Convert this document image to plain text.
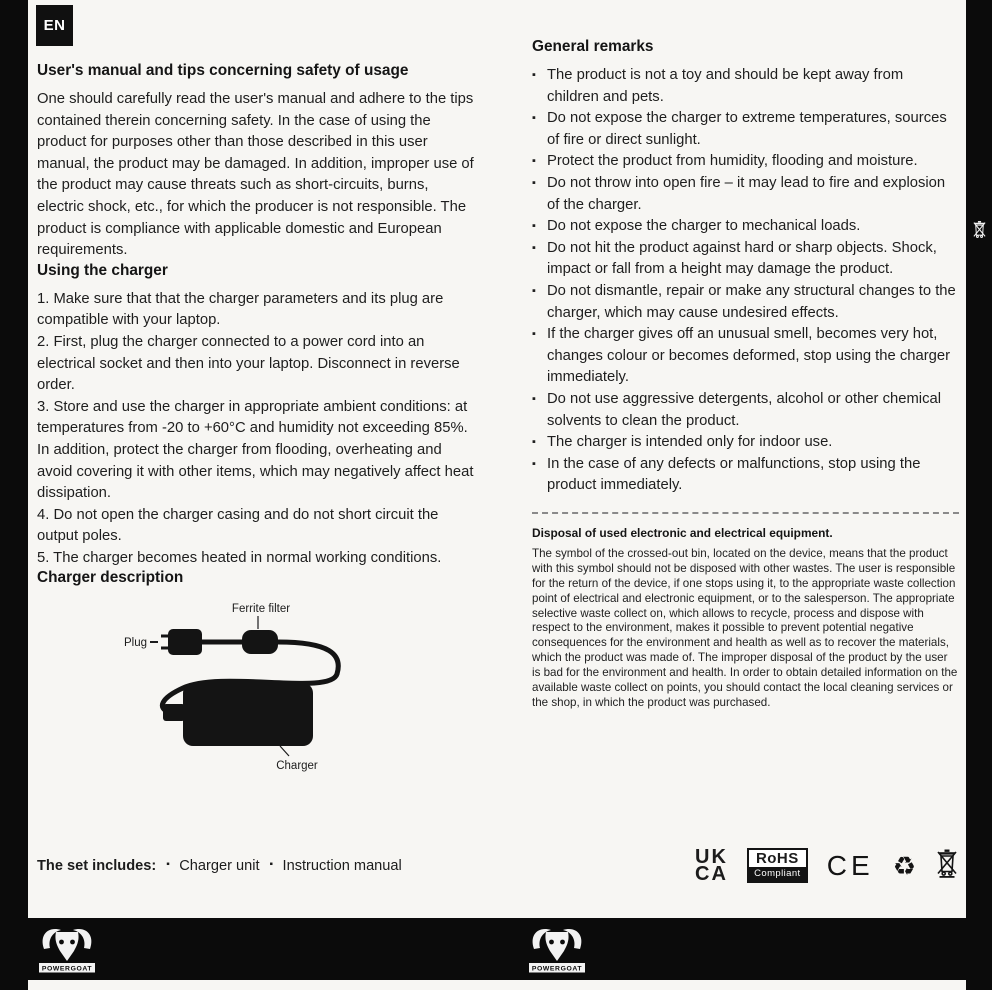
EN
User's manual and tips concerning safety of usage

One should carefully read the user's manual and adhere to the tips contained therein concerning safety. In the case of using the product for purposes other than those described in this user manual, the product may be damaged. In addition, improper use of the product may cause threats such as short-circuits, burns, electric shock, etc., for which the producer is not responsible. The product is compliance with applicable domestic and European requirements.

Using the charger

1. Make sure that that the charger parameters and its plug are compatible with your laptop.

2. First, plug the charger connected to a power cord into an electrical socket and then into your laptop. Disconnect in reverse order.

3. Store and use the charger in appropriate ambient conditions: at temperatures from -20 to +60°C and humidity not exceeding 85%. In addition, protect the charger from flooding, overheating and avoid covering it with other items, which may negatively affect heat dissipation.

4. Do not open the charger casing and do not short circuit the output poles.

5. The charger becomes heated in normal working conditions.

Charger description
Ferrite filter
Plug
Charger
The set includes: ▪ Charger unit ▪ Instruction manual
General remarks
▪ The product is not a toy and should be kept away from children and pets.
▪ Do not expose the charger to extreme temperatures, sources of fire or direct sunlight.
▪ Protect the product from humidity, flooding and moisture.
▪ Do not throw into open fire – it may lead to fire and explosion of the charger.
▪ Do not expose the charger to mechanical loads.
▪ Do not hit the product against hard or sharp objects. Shock, impact or fall from a height may damage the product.
▪ Do not dismantle, repair or make any structural changes to the charger, which may cause undesired effects.
▪ If the charger gives off an unusual smell, becomes very hot, changes colour or becomes deformed, stop using the charger immediately.
▪ Do not use aggressive detergents, alcohol or other chemical solvents to clean the product.
▪ The charger is intended only for indoor use.
▪ In the case of any defects or malfunctions, stop using the product immediately.
Disposal of used electronic and electrical equipment.

The symbol of the crossed-out bin, located on the device, means that the product with this symbol should not be disposed with other wastes. The user is responsible for the return of the device, if one stops using it, to the appropriate waste collection point of electrical and electronic equipment, or to the salesperson. The appropriate selective waste collect on, which allows to recycle, process and dispose with respect to the environment, makes it possible to prevent potential negative consequences for the environment and health as well as to recover the materials, which the product was made of. The improper disposal of the product by the user is bad for the environment and health. In order to obtain detailed information on the available waste collect on points, you should contact the local cleaning services or the shop, in which the product was purchased.

UK
CA
RoHS
Compliant CE ♻
POWERGOAT	POWERGOAT
